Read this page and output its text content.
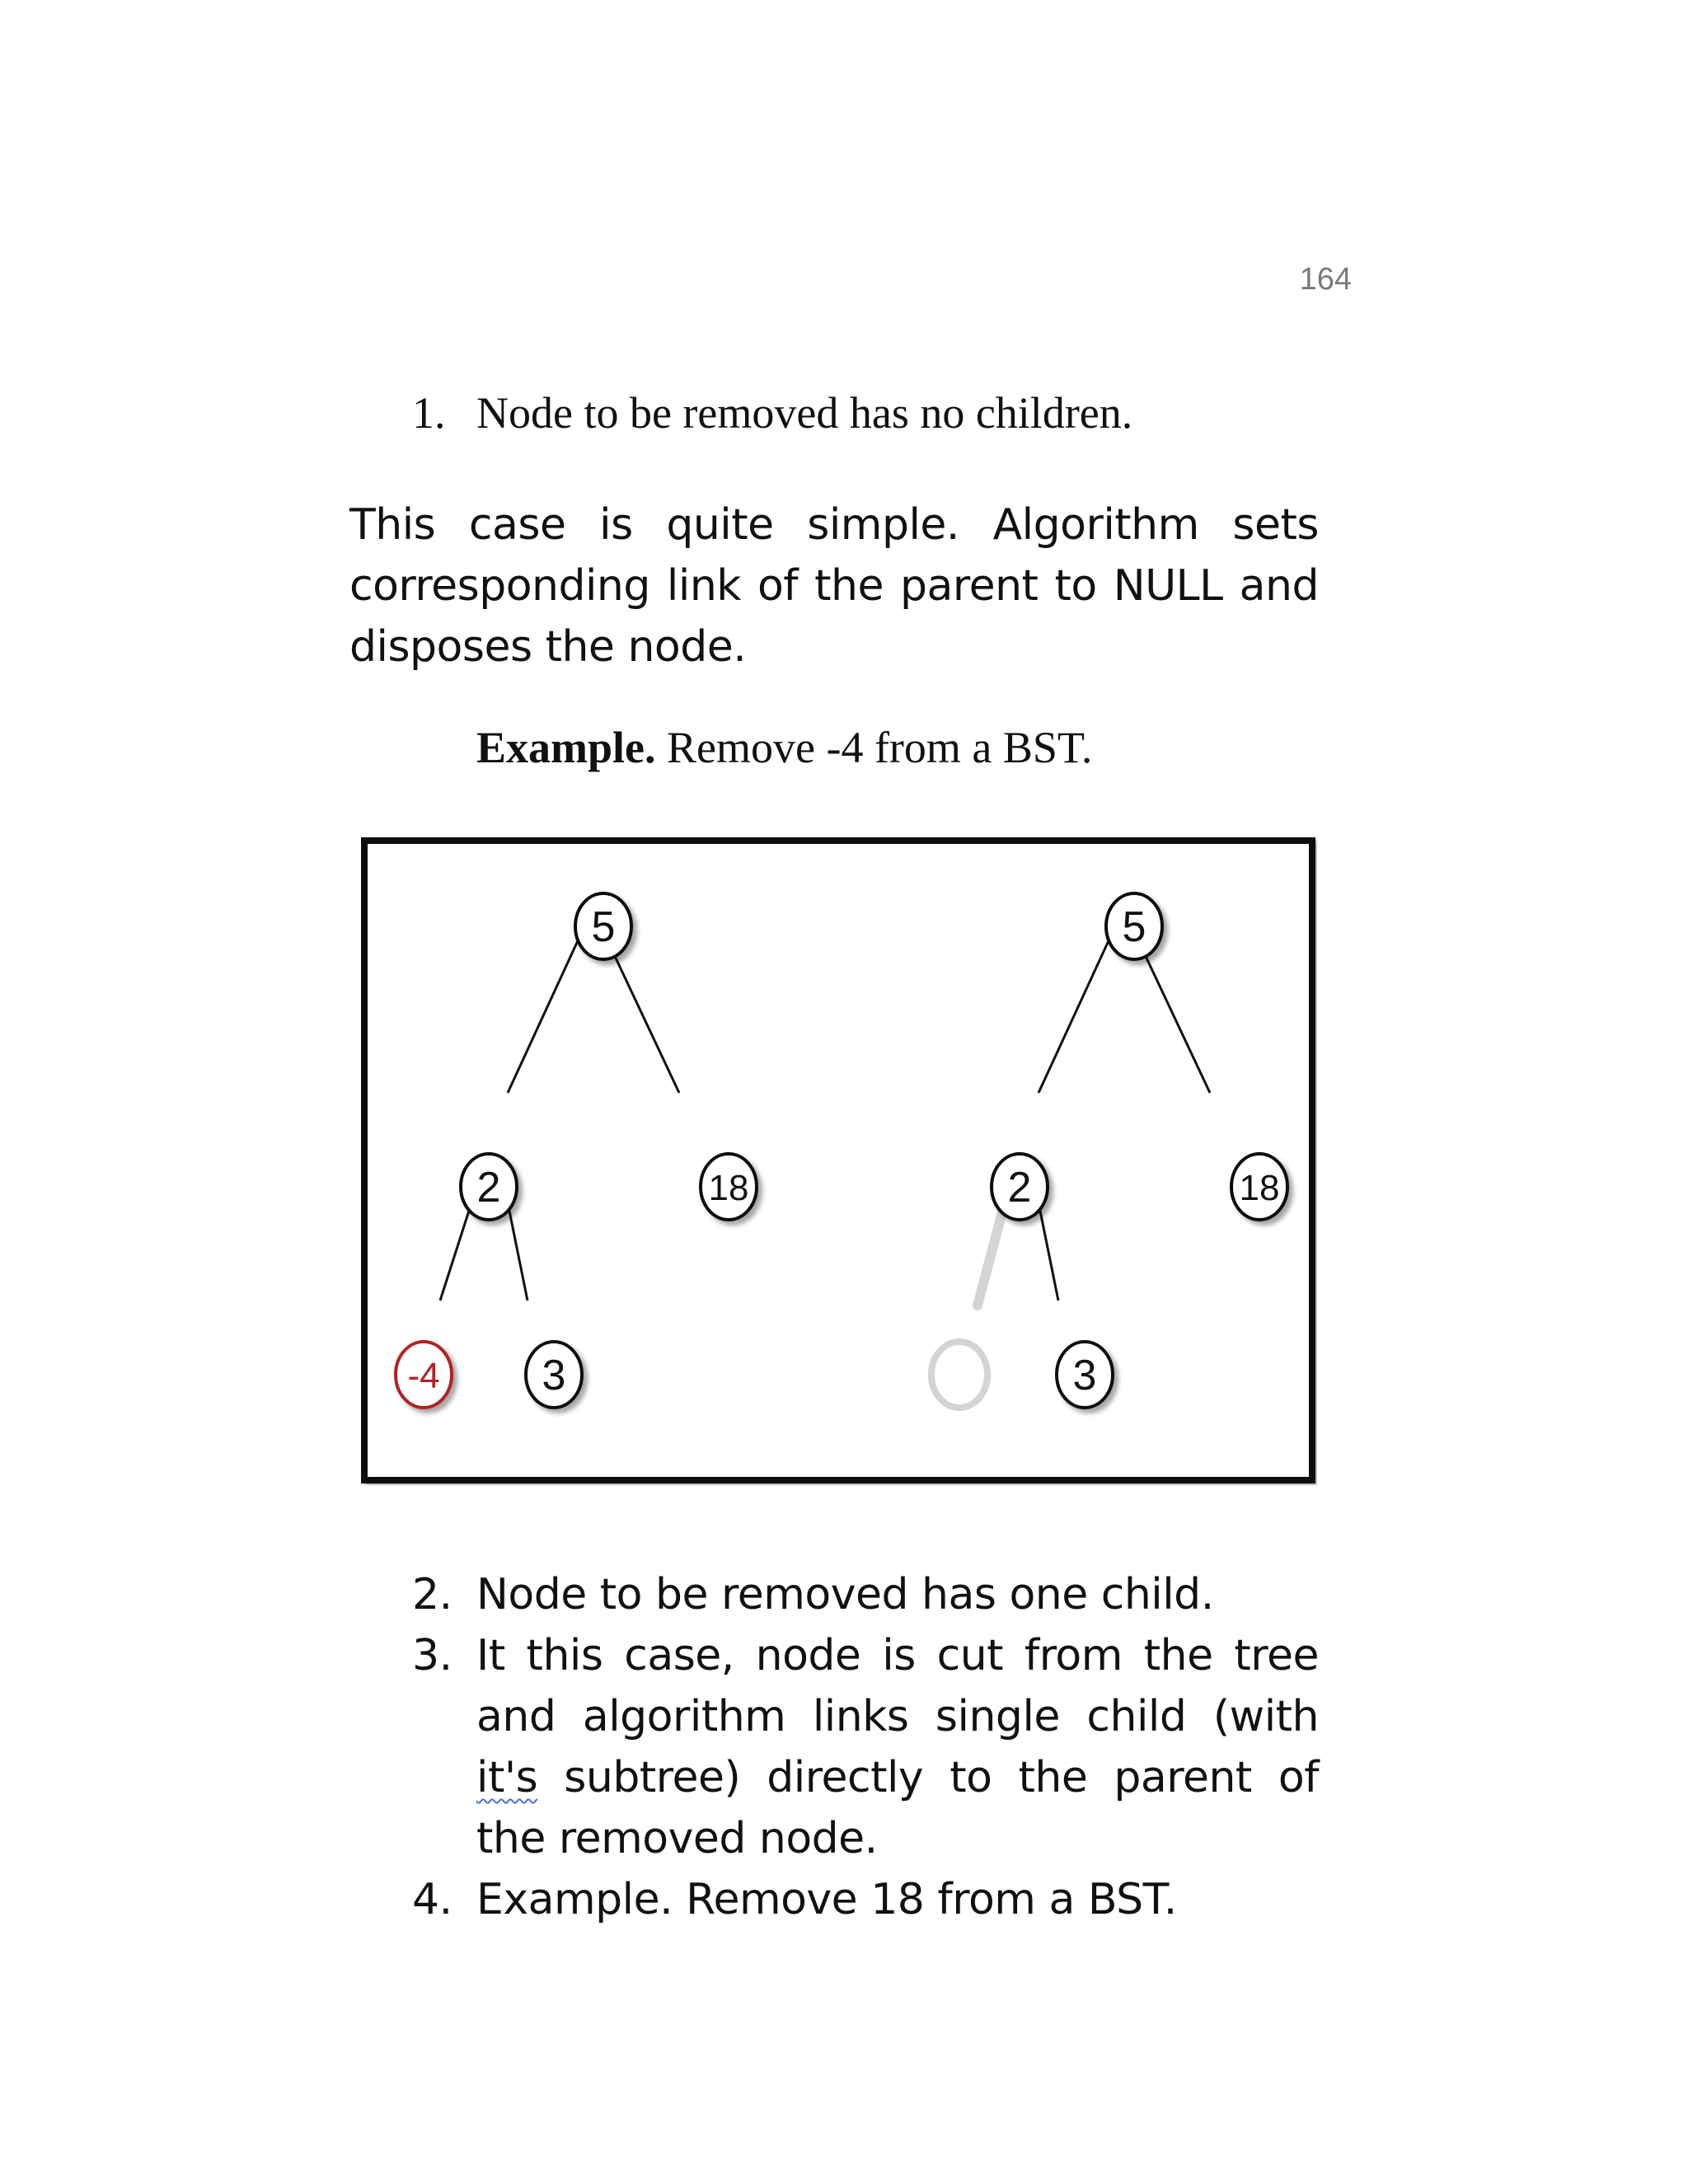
164
1. Node to be removed has no children.
This case is quite simple. Algorithm sets corresponding link of the parent to NULL and disposes the node.
Example. Remove -4 from a BST.
5
2	18
-4 3
5
2	18
3
2. Node to be removed has one child.
3. It this case, node is cut from the tree and algorithm links single child (with it's subtree) directly to the parent of the removed node.
4. Example. Remove 18 from a BST.
